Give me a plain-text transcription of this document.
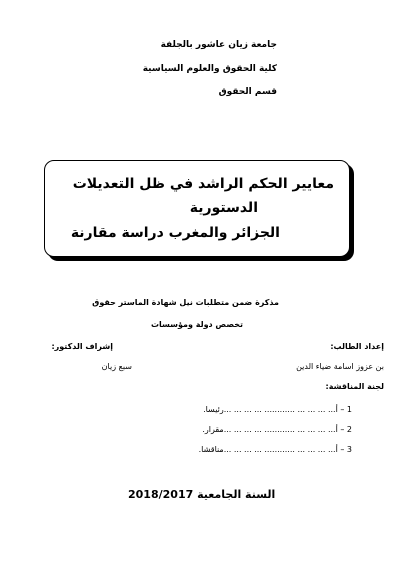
جامعة زيان عاشور بالجلفة
كلية الحقوق والعلوم السياسية
قسم الحقوق
معايير الحكم الراشد في ظل التعديلات
الدستورية
الجزائر والمغرب دراسة مقارنة
مذكرة ضمن متطلبات نيل شهادة الماستر حقوق
تخصص دولة ومؤسسات
إعداد الطالب:
إشراف الدكتور:
بن عزوز اسامة ضياء الدين
سبع زيان
لجنة المناقشة:
1 – أ... ... ... ... ............ ... ... ... ...رئيسا.
2 – أ... ... ... ... ............ ... ... ... ...مقرار.
3 – أ... ... ... ... ............ ... ... ... ...مناقشا.
السنة الجامعية 2018/2017
